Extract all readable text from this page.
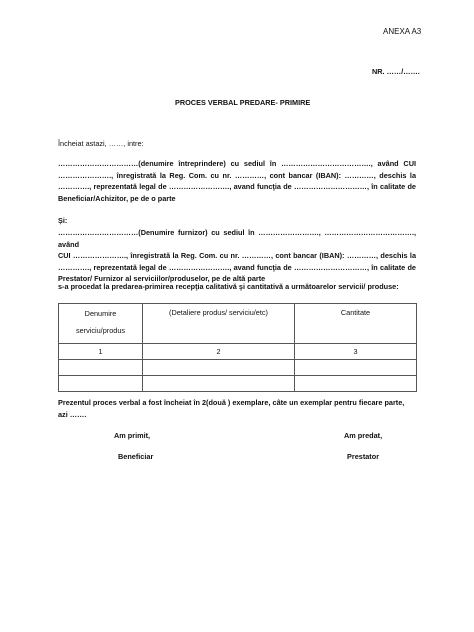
ANEXA A3
NR. ……/…….
PROCES VERBAL PREDARE- PRIMIRE
Încheiat astazi, ……, intre:
……………………………(denumire întreprindere) cu sediul în ………………………………., având CUI
…………………., înregistrată la Reg. Com. cu nr. …………, cont bancar (IBAN): …………, deschis la
…………., reprezentată legal de ……………………., avand funcţia de …………………………, în calitate de
Beneficiar/Achizitor, pe de o parte
Și:
……………………………(Denumire furnizor) cu sediul în ……………………., ………………………………., având
CUI …………………., înregistrată la Reg. Com. cu nr. …………, cont bancar (IBAN): …………, deschis la
…………., reprezentată legal de ……………………., avand funcţia de …………………………, în calitate de
Prestator/ Furnizor al serviciilor/produselor, pe de altă parte
s-a procedat la predarea-primirea recepţia calitativă şi cantitativă a următoarelor servicii/ produse:
Denumire
serviciu/produs	(Detaliere produs/ serviciu/etc)	Cantitate
1	2	3

Prezentul proces verbal a fost încheiat în 2(două ) exemplare, câte un exemplar pentru fiecare parte,
azi …….
Am primit,
Beneficiar
Am predat,
Prestator
